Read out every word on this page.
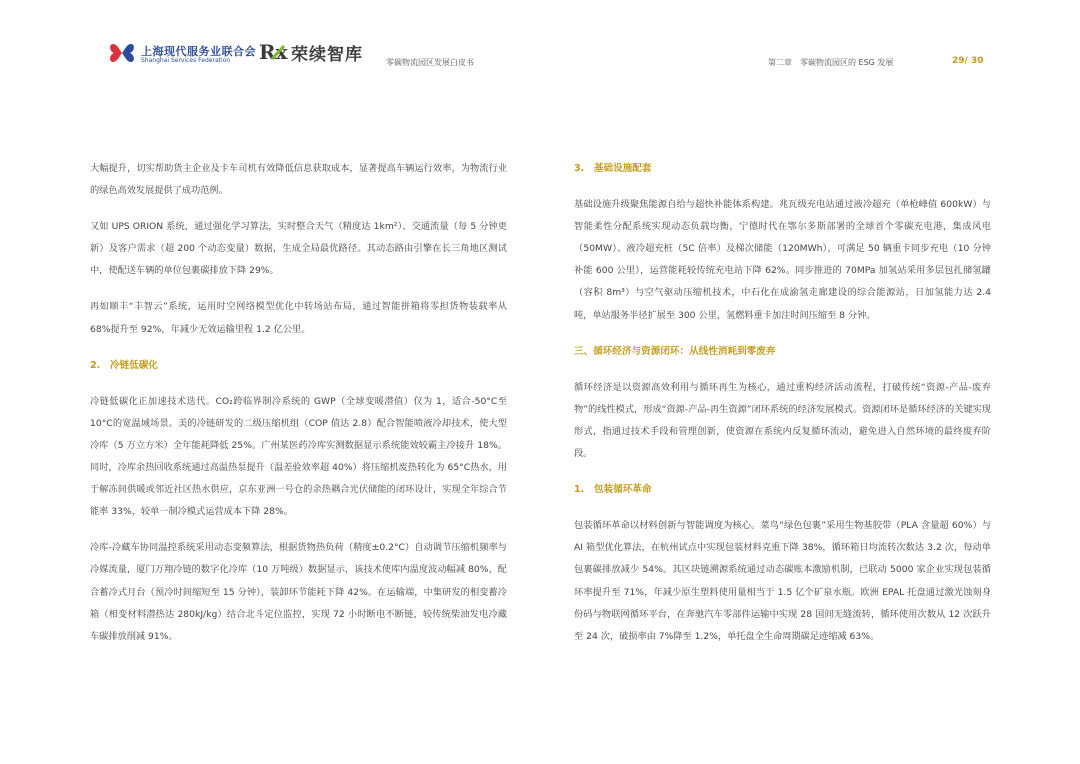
上海现代服务业联合会
Shanghai Services Federation Rx 荣续智库	零碳物流园区发展白皮书	第二章　零碳物流园区的 ESG 发展	29/ 30

大幅提升，切实帮助货主企业及卡车司机有效降低信息获取成本，显著提高车辆运行效率，为物流行业的绿色高效发展提供了成功范例。

又如 UPS ORION 系统，通过强化学习算法，实时整合天气（精度达 1km²）、交通流量（每 5 分钟更新）及客户需求（超 200 个动态变量）数据，生成全局最优路径。其动态路由引擎在长三角地区测试中，使配送车辆的单位包裹碳排放下降 29%。

再如顺丰“丰智云”系统，运用时空网络模型优化中转场站布局，通过智能拼箱将零担货物装载率从 68%提升至 92%，年减少无效运输里程 1.2 亿公里。

2.　冷链低碳化

冷链低碳化正加速技术迭代。CO₂跨临界制冷系统的 GWP（全球变暖潜值）仅为 1，适合-50°C至 10°C的宽温域场景。美的冷链研发的二级压缩机组（COP 值达 2.8）配合智能喷液冷却技术，使大型冷库（5 万立方米）全年能耗降低 25%。广州某医药冷库实测数据显示系统能效较霸主冷接升 18%。同时，冷库余热回收系统通过高温热泵提升（温差验效率超 40%）将压缩机废热转化为 65°C热水，用于解冻间供暖或邻近社区热水供应，京东亚洲一号仓的余热耦合光伏储能的闭环设计，实现全年综合节能率 33%，较单一制冷模式运营成本下降 28%。

冷库-冷藏车协同温控系统采用动态变频算法，根据货物热负荷（精度±0.2°C）自动调节压缩机频率与冷媒流量，厦门万翔冷链的数字化冷库（10 万吨级）数据显示，该技术使库内温度波动幅减 80%，配合蓄冷式月台（预冷时间缩短至 15 分钟），装卸环节能耗下降 42%。在运输端，中集研发的相变蓄冷箱（相变材料潜热达 280kJ/kg）结合北斗定位监控，实现 72 小时断电不断链，较传统柴油发电冷藏车碳排放削减 91%。

3.　基础设施配套

基础设施升级聚焦能源自给与超快补能体系构建。兆瓦级充电站通过液冷超充（单枪峰值 600kW）与智能柔性分配系统实现动态负载均衡，宁德时代在鄂尔多斯部署的全球首个零碳充电港，集成风电（50MW）、液冷超充桩（5C 倍率）及梯次储能（120MWh），可满足 50 辆重卡同步充电（10 分钟补能 600 公里），运营能耗较传统充电站下降 62%。同步推进的 70MPa 加氢站采用多层包扎储氢罐（容积 8m³）与空气驱动压缩机技术，中石化在成渝氢走廊建设的综合能源站，日加氢能力达 2.4 吨，单站服务半径扩展至 300 公里，氢燃料重卡加注时间压缩至 8 分钟。

三、循环经济与资源闭环：从线性消耗到零废弃

循环经济是以资源高效利用与循环再生为核心，通过重构经济活动流程，打破传统“资源-产品-废弃物”的线性模式，形成“资源-产品-再生资源”闭环系统的经济发展模式。资源闭环是循环经济的关键实现形式，指通过技术手段和管理创新，使资源在系统内反复循环流动，避免进入自然环境的最终废弃阶段。

1.　包装循环革命

包装循环革命以材料创新与智能调度为核心。菜鸟“绿色包裹”采用生物基胶带（PLA 含量超 60%）与 AI 箱型优化算法，在杭州试点中实现包装材料克重下降 38%，循环箱日均流转次数达 3.2 次，每动单包裹碳排放减少 54%。其区块链溯源系统通过动态碳账本激励机制，已联动 5000 家企业实现包装循环率提升至 71%，年减少原生塑料使用量相当于 1.5 亿个矿泉水瓶。欧洲 EPAL 托盘通过激光蚀刻身份码与物联网循环平台，在奔驰汽车零部件运输中实现 28 国间无缝流转，循环使用次数从 12 次跃升至 24 次，破损率由 7%降至 1.2%，单托盘全生命周期碳足迹缩减 63%。
